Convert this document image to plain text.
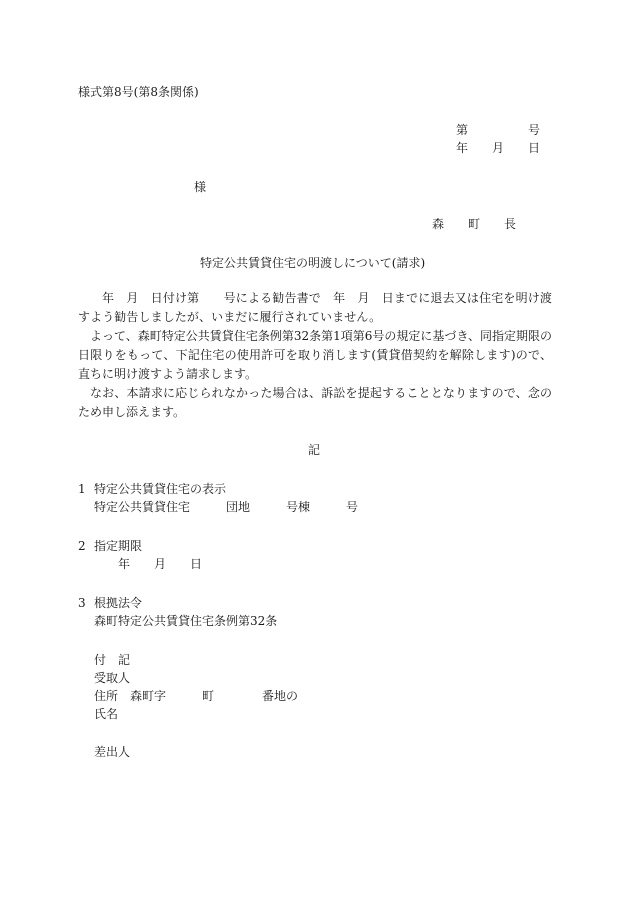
様式第8号(第8条関係)
第	号
年 月 日
様
森 町 長
特定公共賃貸住宅の明渡しについて(請求)
年　月　日付け第　　号による勧告書で　年　月　日までに退去又は住宅を明け渡すよう勧告しましたが、いまだに履行されていません。
よって、森町特定公共賃貸住宅条例第32条第1項第6号の規定に基づき、同指定期限の日限りをもって、下記住宅の使用許可を取り消します(賃貸借契約を解除します)ので、直ちに明け渡すよう請求します。
なお、本請求に応じられなかった場合は、訴訟を提起することとなりますので、念のため申し添えます。
記
1 特定公共賃貸住宅の表示
特定公共賃貸住宅　　　団地　　　号棟　　　号
2 指定期限
年　　月　　日
3 根拠法令
森町特定公共賃貸住宅条例第32条
付　記
受取人
住所 森町字　　　町　　　　番地の
氏名
差出人
